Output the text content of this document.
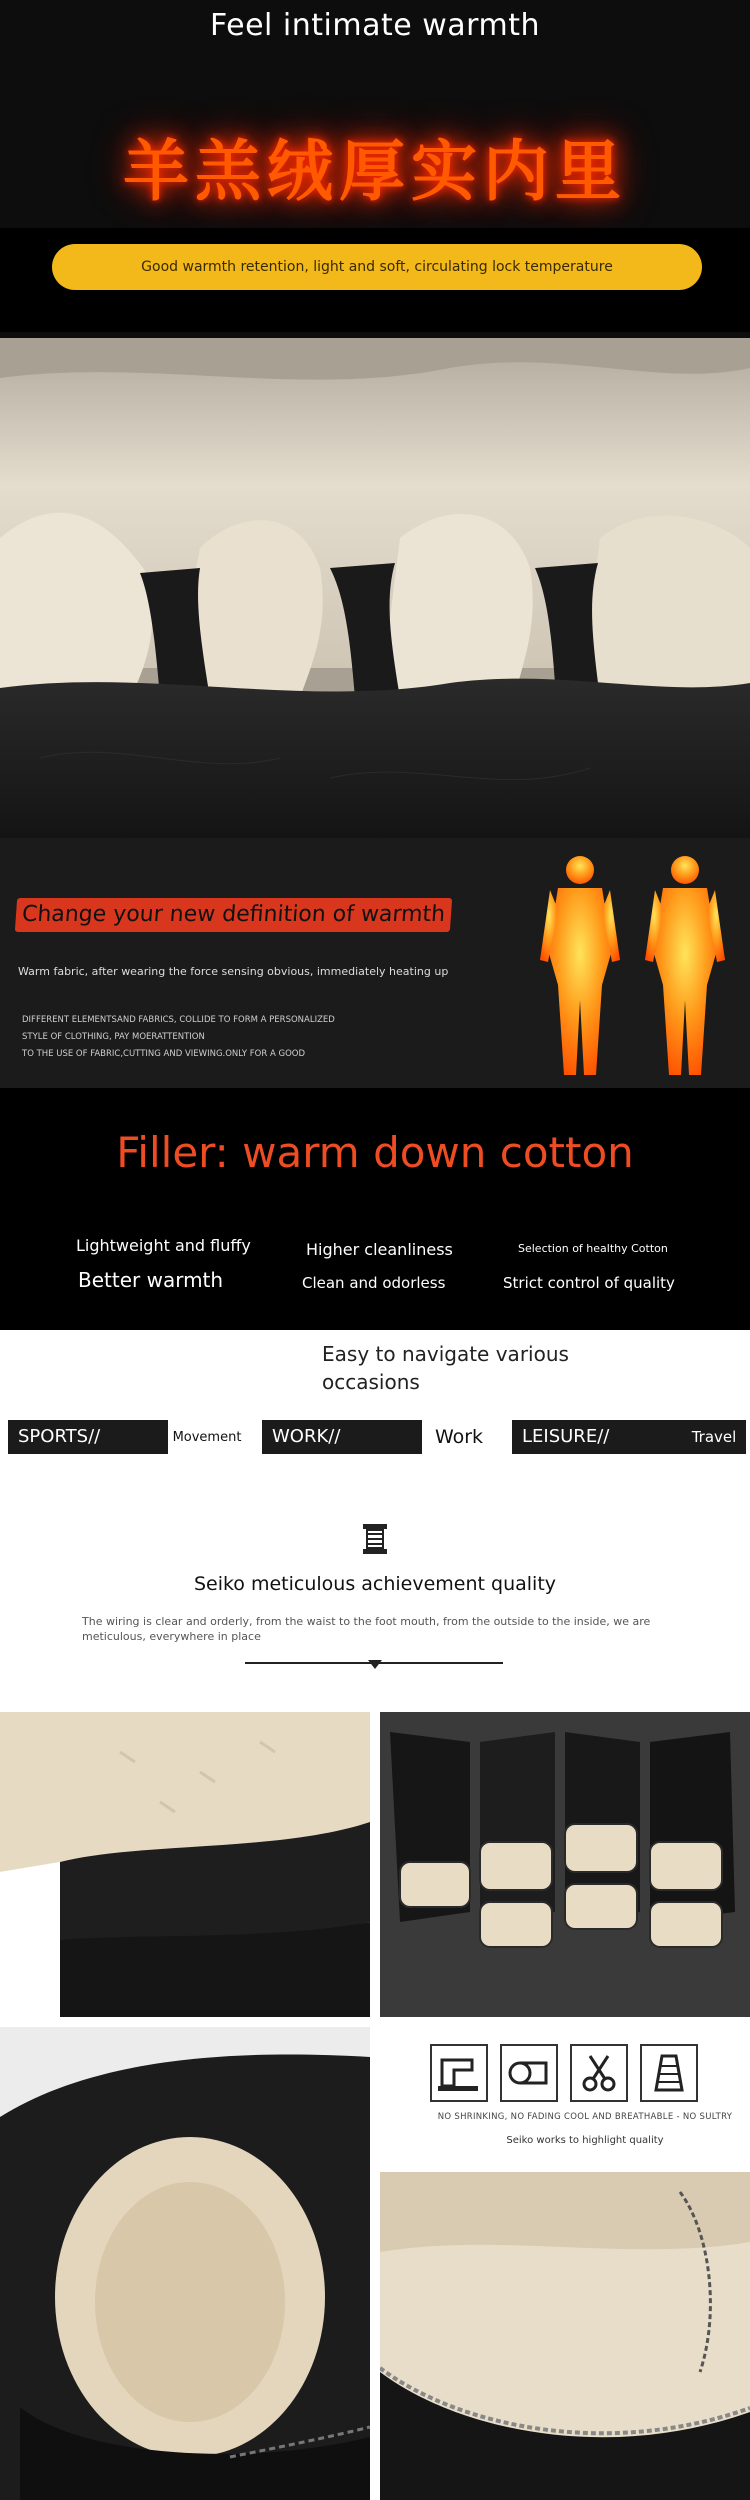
Feel intimate warmth
羊羔绒厚实内里
Good warmth retention, light and soft, circulating lock temperature
Change your new definition of warmth
Warm fabric, after wearing the force sensing obvious, immediately heating up
DIFFERENT ELEMENTSAND FABRICS, COLLIDE TO FORM A PERSONALIZED
STYLE OF CLOTHING, PAY MOERATTENTION
TO THE USE OF FABRIC,CUTTING AND VIEWING.ONLY FOR A GOOD
Filler: warm down cotton
Lightweight and fluffy	Higher cleanliness	Selection of healthy Cotton
Better warmth	Clean and odorless	Strict control of quality
Easy to navigate various occasions
SPORTS//	Movement WORK//	Work	LEISURE//	Travel
Seiko meticulous achievement quality
The wiring is clear and orderly, from the waist to the foot mouth, from the outside to the inside, we are meticulous, everywhere in place
NO SHRINKING, NO FADING COOL AND BREATHABLE - NO SULTRY
Seiko works to highlight quality
